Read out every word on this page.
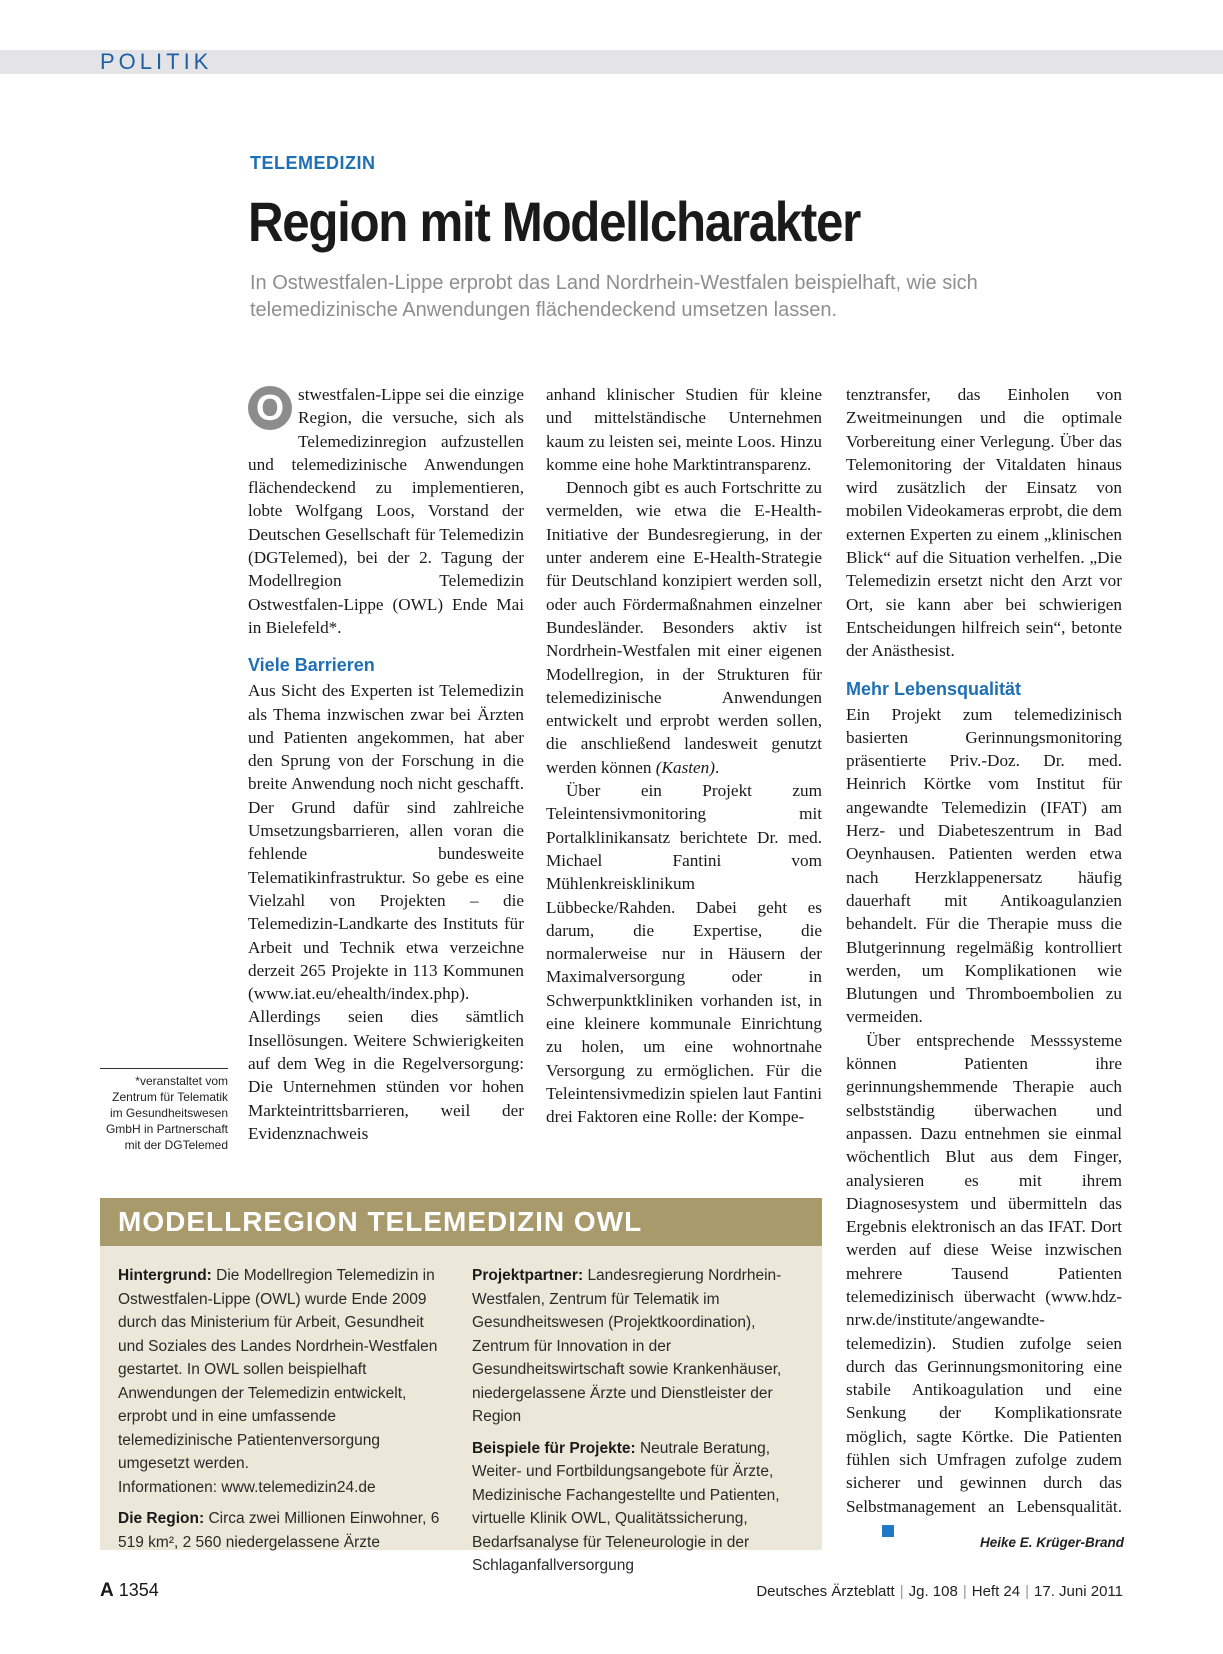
POLITIK
TELEMEDIZIN
Region mit Modellcharakter
In Ostwestfalen-Lippe erprobt das Land Nordrhein-Westfalen beispielhaft, wie sich telemedizinische Anwendungen flächendeckend umsetzen lassen.

O stwestfalen-Lippe sei die einzige Region, die versuche, sich als Telemedizinregion aufzustellen und telemedizinische Anwendungen flächendeckend zu implementieren, lobte Wolfgang Loos, Vorstand der Deutschen Gesellschaft für Telemedizin (DGTelemed), bei der 2. Tagung der Modellregion Telemedizin Ostwestfalen-Lippe (OWL) Ende Mai in Bielefeld*.

Viele Barrieren

Aus Sicht des Experten ist Telemedizin als Thema inzwischen zwar bei Ärzten und Patienten angekommen, hat aber den Sprung von der Forschung in die breite Anwendung noch nicht geschafft. Der Grund dafür sind zahlreiche Umsetzungsbarrieren, allen voran die fehlende bundesweite Telematikinfrastruktur. So gebe es eine Vielzahl von Projekten – die Telemedizin-Landkarte des Instituts für Arbeit und Technik etwa verzeichne derzeit 265 Projekte in 113 Kommunen (www.iat.eu/ehealth/index.php). Allerdings seien dies sämtlich Insellösungen. Weitere Schwierigkeiten auf dem Weg in die Regelversorgung: Die Unternehmen stünden vor hohen Markteintrittsbarrieren, weil der Evidenznachweis

anhand klinischer Studien für kleine und mittelständische Unternehmen kaum zu leisten sei, meinte Loos. Hinzu komme eine hohe Marktintransparenz.

Dennoch gibt es auch Fortschritte zu vermelden, wie etwa die E-Health-Initiative der Bundesregierung, in der unter anderem eine E-Health-Strategie für Deutschland konzipiert werden soll, oder auch Fördermaßnahmen einzelner Bundesländer. Besonders aktiv ist Nordrhein-Westfalen mit einer eigenen Modellregion, in der Strukturen für telemedizinische Anwendungen entwickelt und erprobt werden sollen, die anschließend landesweit genutzt werden können (Kasten).

Über ein Projekt zum Teleintensivmonitoring mit Portalklinikansatz berichtete Dr. med. Michael Fantini vom Mühlenkreisklinikum Lübbecke/Rahden. Dabei geht es darum, die Expertise, die normalerweise nur in Häusern der Maximalversorgung oder in Schwerpunktkliniken vorhanden ist, in eine kleinere kommunale Einrichtung zu holen, um eine wohnortnahe Versorgung zu ermöglichen. Für die Teleintensivmedizin spielen laut Fantini drei Faktoren eine Rolle: der Kompe-

tenztransfer, das Einholen von Zweitmeinungen und die optimale Vorbereitung einer Verlegung. Über das Telemonitoring der Vitaldaten hinaus wird zusätzlich der Einsatz von mobilen Videokameras erprobt, die dem externen Experten zu einem „klinischen Blick“ auf die Situation verhelfen. „Die Telemedizin ersetzt nicht den Arzt vor Ort, sie kann aber bei schwierigen Entscheidungen hilfreich sein“, betonte der Anästhesist.

Mehr Lebensqualität

Ein Projekt zum telemedizinisch basierten Gerinnungsmonitoring präsentierte Priv.-Doz. Dr. med. Heinrich Körtke vom Institut für angewandte Telemedizin (IFAT) am Herz- und Diabeteszentrum in Bad Oeynhausen. Patienten werden etwa nach Herzklappenersatz häufig dauerhaft mit Antikoagulanzien behandelt. Für die Therapie muss die Blutgerinnung regelmäßig kontrolliert werden, um Komplikationen wie Blutungen und Thromboembolien zu vermeiden.

Über entsprechende Messsysteme können Patienten ihre gerinnungshemmende Therapie auch selbstständig überwachen und anpassen. Dazu entnehmen sie einmal wöchentlich Blut aus dem Finger, analysieren es mit ihrem Diagnosesystem und übermitteln das Ergebnis elektronisch an das IFAT. Dort werden auf diese Weise inzwischen mehrere Tausend Patienten telemedizinisch überwacht (www.hdz-nrw.de/institute/angewandte-telemedizin). Studien zufolge seien durch das Gerinnungsmonitoring eine stabile Antikoagulation und eine Senkung der Komplikationsrate möglich, sagte Körtke. Die Patienten fühlen sich Umfragen zufolge zudem sicherer und gewinnen durch das Selbstmanagement an Lebensqualität.

Heike E. Krüger-Brand
*veranstaltet vom Zentrum für Telematik im Gesundheitswesen GmbH in Partnerschaft mit der DGTelemed
MODELLREGION TELEMEDIZIN OWL

Hintergrund: Die Modellregion Telemedizin in Ostwestfalen-Lippe (OWL) wurde Ende 2009 durch das Ministerium für Arbeit, Gesundheit und Soziales des Landes Nordrhein-Westfalen gestartet. In OWL sollen beispielhaft Anwendungen der Telemedizin entwickelt, erprobt und in eine umfassende telemedizinische Patientenversorgung umgesetzt werden.
Informationen: www.telemedizin24.de

Die Region: Circa zwei Millionen Einwohner, 6 519 km², 2 560 niedergelassene Ärzte

Projektpartner: Landesregierung Nordrhein-Westfalen, Zentrum für Telematik im Gesundheitswesen (Projektkoordination), Zentrum für Innovation in der Gesundheitswirtschaft sowie Krankenhäuser, niedergelassene Ärzte und Dienstleister der Region

Beispiele für Projekte: Neutrale Beratung, Weiter- und Fortbildungsangebote für Ärzte, Medizinische Fachangestellte und Patienten, virtuelle Klinik OWL, Qualitätssicherung, Bedarfsanalyse für Teleneurologie in der Schlaganfallversorgung

A 1354	Deutsches Ärzteblatt | Jg. 108 | Heft 24 | 17. Juni 2011
